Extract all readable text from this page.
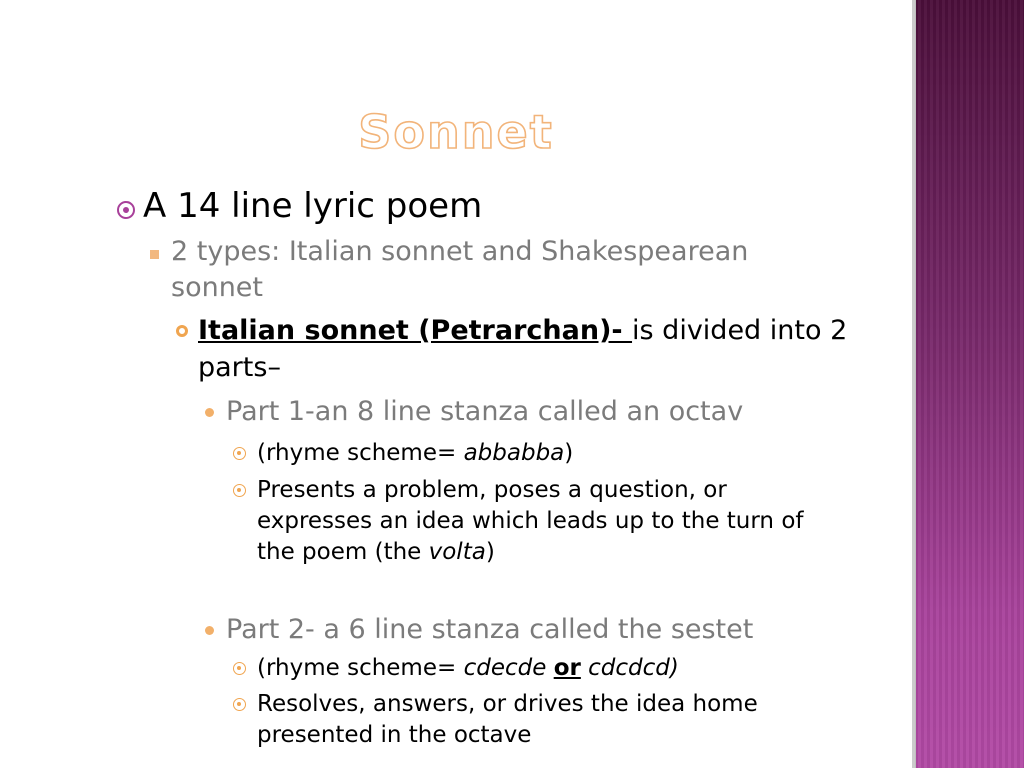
Sonnet
A 14 line lyric poem
2 types: Italian sonnet and Shakespearean
sonnet
Italian sonnet (Petrarchan)- is divided into 2
parts–
Part 1-an 8 line stanza called an octav
(rhyme scheme= abbabba)
Presents a problem, poses a question, or
expresses an idea which leads up to the turn of
the poem (the volta)
Part 2- a 6 line stanza called the sestet
(rhyme scheme= cdecde or cdcdcd)
Resolves, answers, or drives the idea home
presented in the octave
